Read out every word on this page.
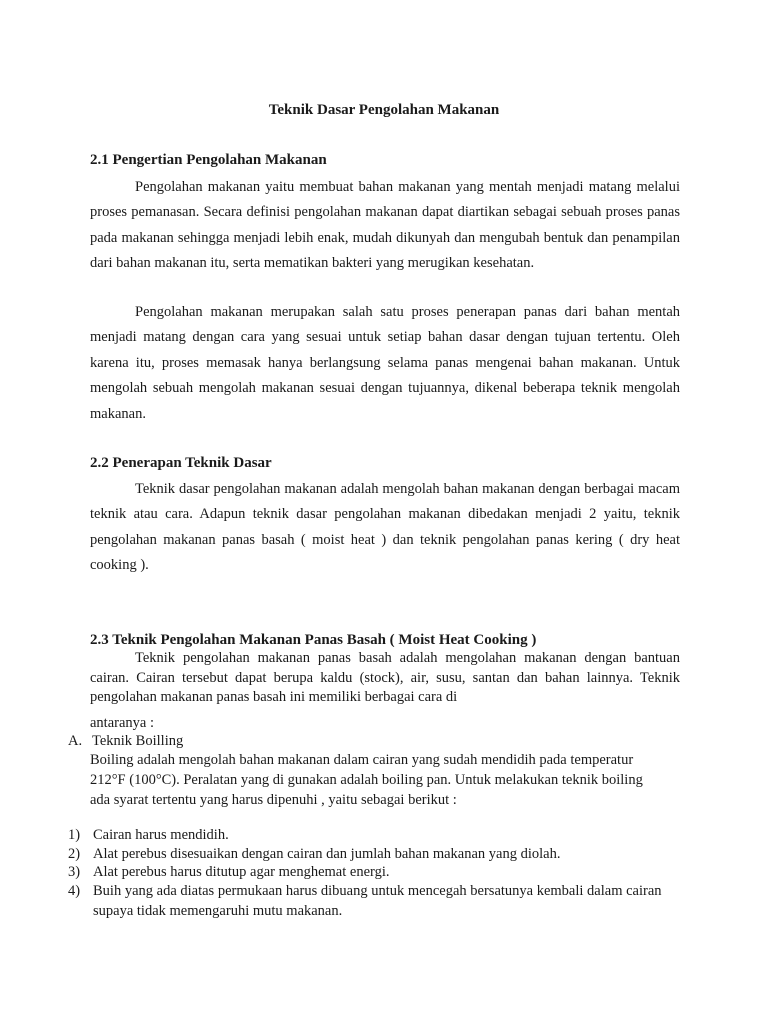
Teknik Dasar Pengolahan Makanan
2.1 Pengertian Pengolahan Makanan

Pengolahan makanan yaitu membuat bahan makanan yang mentah menjadi matang melalui proses pemanasan. Secara definisi pengolahan makanan dapat diartikan sebagai sebuah proses panas pada makanan sehingga menjadi lebih enak, mudah dikunyah dan mengubah bentuk dan penampilan dari bahan makanan itu, serta mematikan bakteri yang merugikan kesehatan.

Pengolahan makanan merupakan salah satu proses penerapan panas dari bahan mentah menjadi matang dengan cara yang sesuai untuk setiap bahan dasar dengan tujuan tertentu. Oleh karena itu, proses memasak hanya berlangsung selama panas mengenai bahan makanan. Untuk mengolah sebuah mengolah makanan sesuai dengan tujuannya, dikenal beberapa teknik mengolah makanan.

2.2 Penerapan Teknik Dasar

Teknik dasar pengolahan makanan adalah mengolah bahan makanan dengan berbagai macam teknik atau cara. Adapun teknik dasar pengolahan makanan dibedakan menjadi 2 yaitu, teknik pengolahan makanan panas basah ( moist heat ) dan teknik pengolahan panas kering ( dry heat cooking ).

2.3 Teknik Pengolahan Makanan Panas Basah ( Moist Heat Cooking )

Teknik pengolahan makanan panas basah adalah mengolahan makanan dengan bantuan cairan. Cairan tersebut dapat berupa kaldu (stock), air, susu, santan dan bahan lainnya. Teknik pengolahan makanan panas basah ini memiliki berbagai cara di

antaranya :
A. Teknik Boilling

Boiling adalah mengolah bahan makanan dalam cairan yang sudah mendidih pada temperatur 212°F (100°C). Peralatan yang di gunakan adalah boiling pan. Untuk melakukan teknik boiling ada syarat tertentu yang harus dipenuhi , yaitu sebagai berikut :

1) Cairan harus mendidih.
2) Alat perebus disesuaikan dengan cairan dan jumlah bahan makanan yang diolah.
3) Alat perebus harus ditutup agar menghemat energi.
4) Buih yang ada diatas permukaan harus dibuang untuk mencegah bersatunya kembali dalam cairan supaya tidak memengaruhi mutu makanan.
